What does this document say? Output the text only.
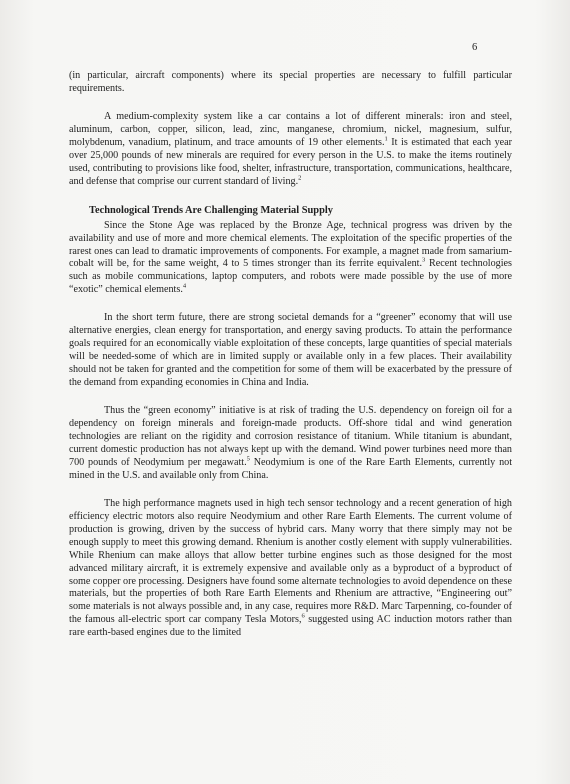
6

(in particular, aircraft components) where its special properties are necessary to fulfill particular requirements.

A medium-complexity system like a car contains a lot of different minerals: iron and steel, aluminum, carbon, copper, silicon, lead, zinc, manganese, chromium, nickel, magnesium, sulfur, molybdenum, vanadium, platinum, and trace amounts of 19 other elements.$^1$ It is estimated that each year over 25,000 pounds of new minerals are required for every person in the U.S. to make the items routinely used, contributing to provisions like food, shelter, infrastructure, transportation, communications, healthcare, and defense that comprise our current standard of living.$^2$

Technological Trends Are Challenging Material Supply

Since the Stone Age was replaced by the Bronze Age, technical progress was driven by the availability and use of more and more chemical elements. The exploitation of the specific properties of the rarest ones can lead to dramatic improvements of components. For example, a magnet made from samarium-cobalt will be, for the same weight, 4 to 5 times stronger than its ferrite equivalent.$^3$ Recent technologies such as mobile communications, laptop computers, and robots were made possible by the use of more “exotic” chemical elements.$^4$

In the short term future, there are strong societal demands for a “greener” economy that will use alternative energies, clean energy for transportation, and energy saving products. To attain the performance goals required for an economically viable exploitation of these concepts, large quantities of special materials will be needed-some of which are in limited supply or available only in a few places. Their availability should not be taken for granted and the competition for some of them will be exacerbated by the pressure of the demand from expanding economies in China and India.

Thus the “green economy” initiative is at risk of trading the U.S. dependency on foreign oil for a dependency on foreign minerals and foreign-made products. Off-shore tidal and wind generation technologies are reliant on the rigidity and corrosion resistance of titanium. While titanium is abundant, current domestic production has not always kept up with the demand. Wind power turbines need more than 700 pounds of Neodymium per megawatt.$^5$ Neodymium is one of the Rare Earth Elements, currently not mined in the U.S. and available only from China.

The high performance magnets used in high tech sensor technology and a recent generation of high efficiency electric motors also require Neodymium and other Rare Earth Elements. The current volume of production is growing, driven by the success of hybrid cars. Many worry that there simply may not be enough supply to meet this growing demand. Rhenium is another costly element with supply vulnerabilities. While Rhenium can make alloys that allow better turbine engines such as those designed for the most advanced military aircraft, it is extremely expensive and available only as a byproduct of a byproduct of some copper ore processing. Designers have found some alternate technologies to avoid dependence on these materials, but the properties of both Rare Earth Elements and Rhenium are attractive, “Engineering out” some materials is not always possible and, in any case, requires more R&D. Marc Tarpenning, co-founder of the famous all-electric sport car company Tesla Motors,$^6$ suggested using AC induction motors rather than rare earth-based engines due to the limited
